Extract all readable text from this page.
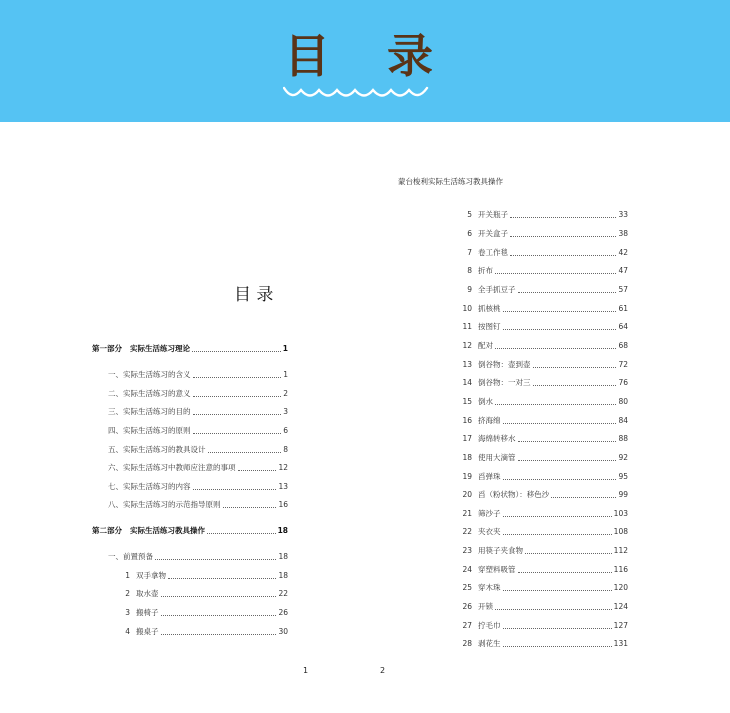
目 录
目 录
第一部分 实际生活练习理论	1
一、实际生活练习的含义	1
二、实际生活练习的意义	2
三、实际生活练习的目的	3
四、实际生活练习的原则	6
五、实际生活练习的教具设计	8
六、实际生活练习中教师应注意的事项	12
七、实际生活练习的内容	13
八、实际生活练习的示范指导原则	16
第二部分 实际生活练习教具操作	18
一、前置预备	18
1 双手拿物	18
2 取水壶	22
3 搬椅子	26
4 搬桌子	30
1
蒙台梭利实际生活练习教具操作
5 开关瓶子	33
6 开关盒子	38
7 卷工作毯	42
8 折布	47
9 全手抓豆子	57
10 抓核桃	61
11 按图钉	64
12 配对	68
13 倒谷物：壶到壶	72
14 倒谷物：一对三	76
15 倒水	80
16 挤海绵	84
17 海绵转移水	88
18 使用大滴管	92
19 舀弹珠	95
20 舀（粉状物）：移色沙	99
21 筛沙子	103
22 夹衣夹	108
23 用筷子夹食物	112
24 穿塑料吸管	116
25 穿木珠	120
26 开锁	124
27 拧毛巾	127
28 剥花生	131
2
